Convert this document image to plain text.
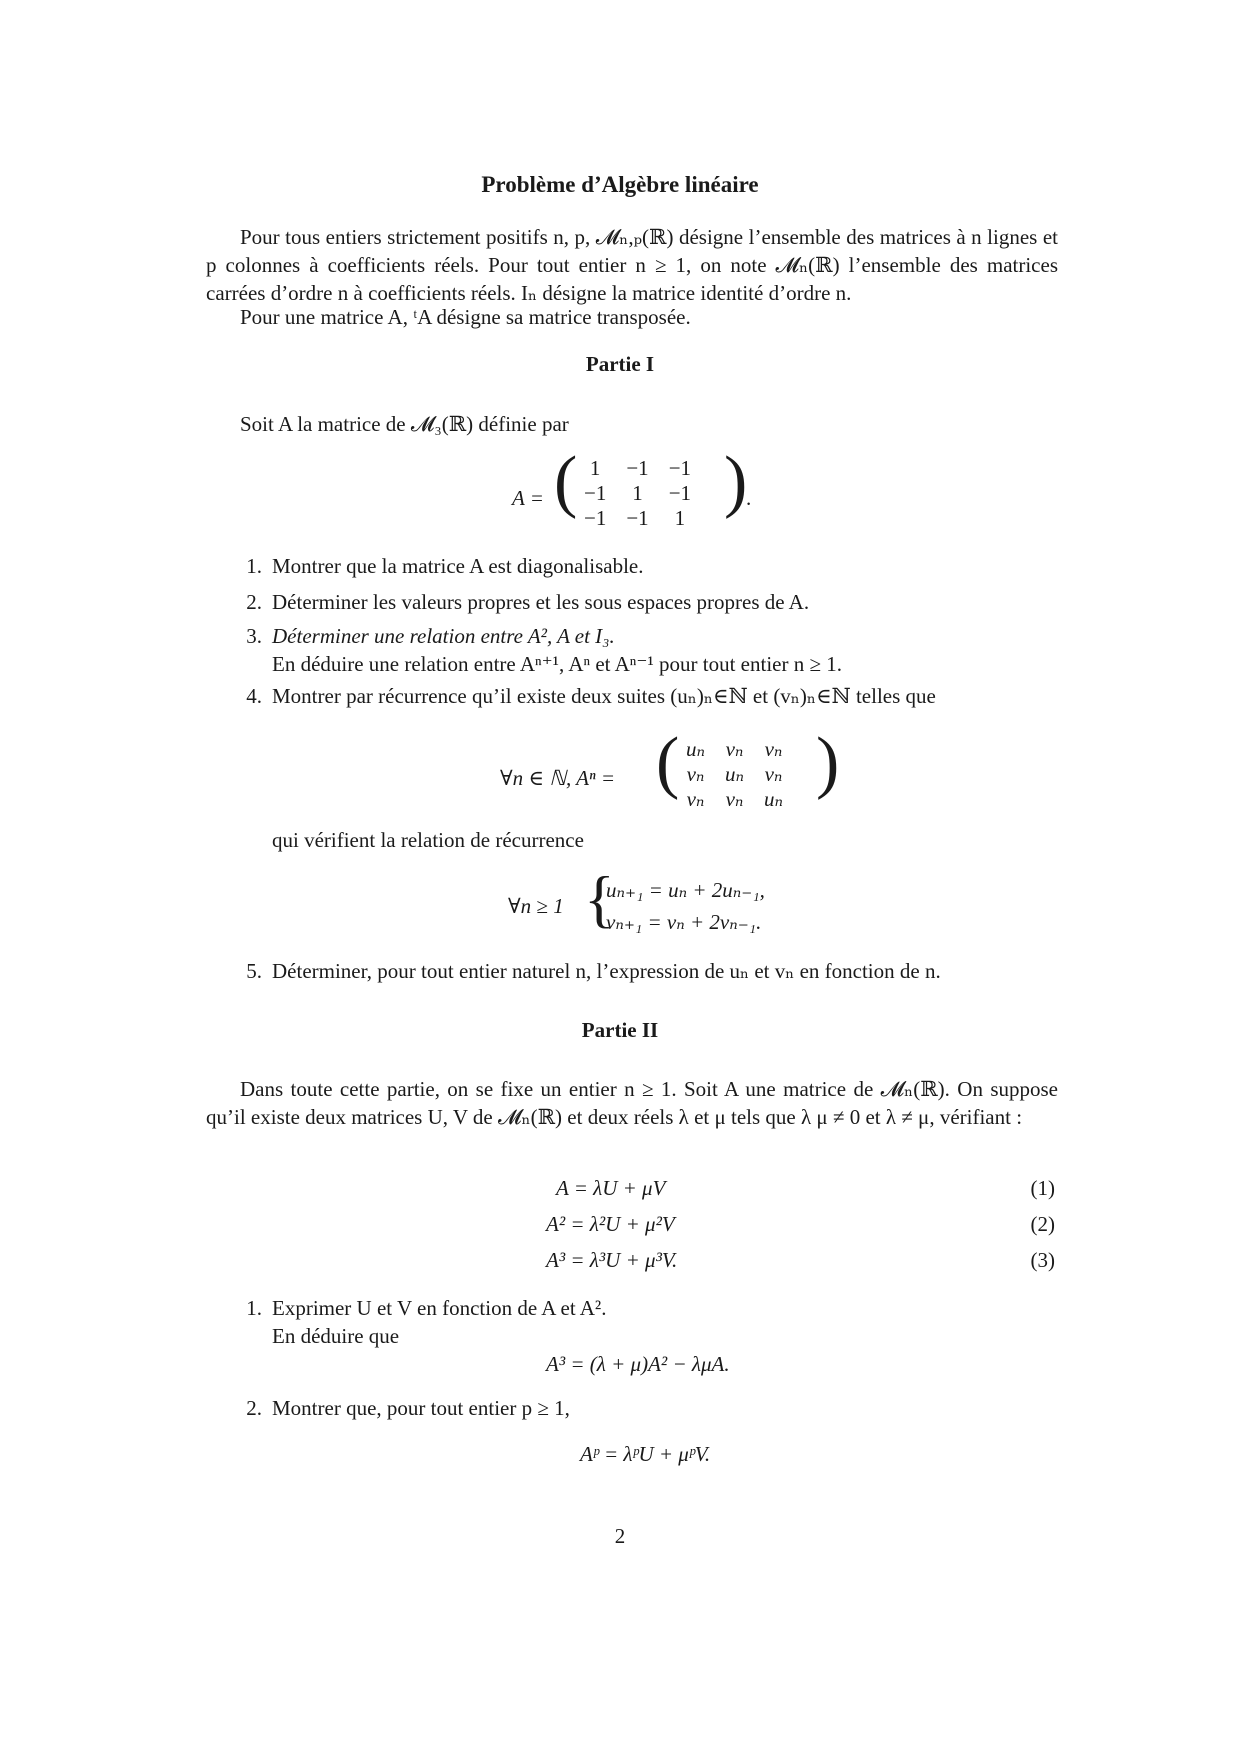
Problème d’Algèbre linéaire
Pour tous entiers strictement positifs n, p, 𝓜ₙ,ₚ(ℝ) désigne l’ensemble des matrices à n lignes et p colonnes à coefficients réels. Pour tout entier n ≥ 1, on note 𝓜ₙ(ℝ) l’ensemble des matrices carrées d’ordre n à coefficients réels. Iₙ désigne la matrice identité d’ordre n.
Pour une matrice A, ᵗA désigne sa matrice transposée.
Partie I
Soit A la matrice de 𝓜₃(ℝ) définie par
A = ( 1	−1	−1
−1	1	−1
−1	−1	1 )
.
1. Montrer que la matrice A est diagonalisable.
2. Déterminer les valeurs propres et les sous espaces propres de A.
3. Déterminer une relation entre A², A et I₃.
En déduire une relation entre Aⁿ⁺¹, Aⁿ et Aⁿ⁻¹ pour tout entier n ≥ 1.
4. Montrer par récurrence qu’il existe deux suites (uₙ)ₙ∈ℕ et (vₙ)ₙ∈ℕ telles que
∀n ∈ ℕ, Aⁿ = ( uₙ	vₙ	vₙ
vₙ	uₙ	vₙ
vₙ	vₙ	uₙ )
qui vérifient la relation de récurrence
∀n ≥ 1 {
uₙ₊₁ = uₙ + 2uₙ₋₁,
vₙ₊₁ = vₙ + 2vₙ₋₁.
5. Déterminer, pour tout entier naturel n, l’expression de uₙ et vₙ en fonction de n.
Partie II
Dans toute cette partie, on se fixe un entier n ≥ 1. Soit A une matrice de 𝓜ₙ(ℝ). On suppose qu’il existe deux matrices U, V de 𝓜ₙ(ℝ) et deux réels λ et μ tels que λ μ ≠ 0 et λ ≠ μ, vérifiant :
A = λU + μV	(1)
A² = λ²U + μ²V	(2)
A³ = λ³U + μ³V.	(3)
1. Exprimer U et V en fonction de A et A².
En déduire que
A³ = (λ + μ)A² − λμA.
2. Montrer que, pour tout entier p ≥ 1,
Aᵖ = λᵖU + μᵖV.
2
